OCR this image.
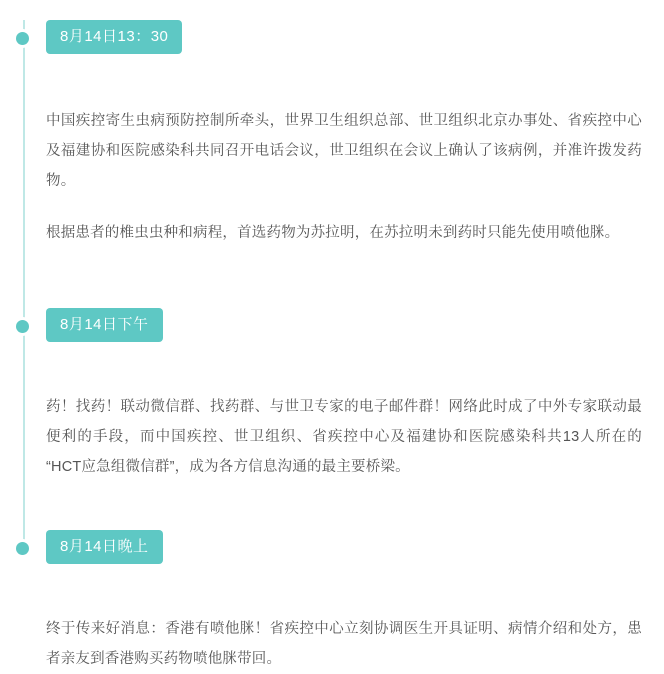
8月14日13：30

中国疾控寄生虫病预防控制所牵头，世界卫生组织总部、世卫组织北京办事处、省疾控中心及福建协和医院感染科共同召开电话会议，世卫组织在会议上确认了该病例，并准许拨发药物。

根据患者的椎虫虫种和病程，首选药物为苏拉明，在苏拉明未到药时只能先使用喷他脒。

8月14日下午

药！找药！联动微信群、找药群、与世卫专家的电子邮件群！网络此时成了中外专家联动最便利的手段，而中国疾控、世卫组织、省疾控中心及福建协和医院感染科共13人所在的 “HCT应急组微信群”，成为各方信息沟通的最主要桥梁。

8月14日晚上

终于传来好消息：香港有喷他脒！省疾控中心立刻协调医生开具证明、病情介绍和处方，患者亲友到香港购买药物喷他脒带回。
